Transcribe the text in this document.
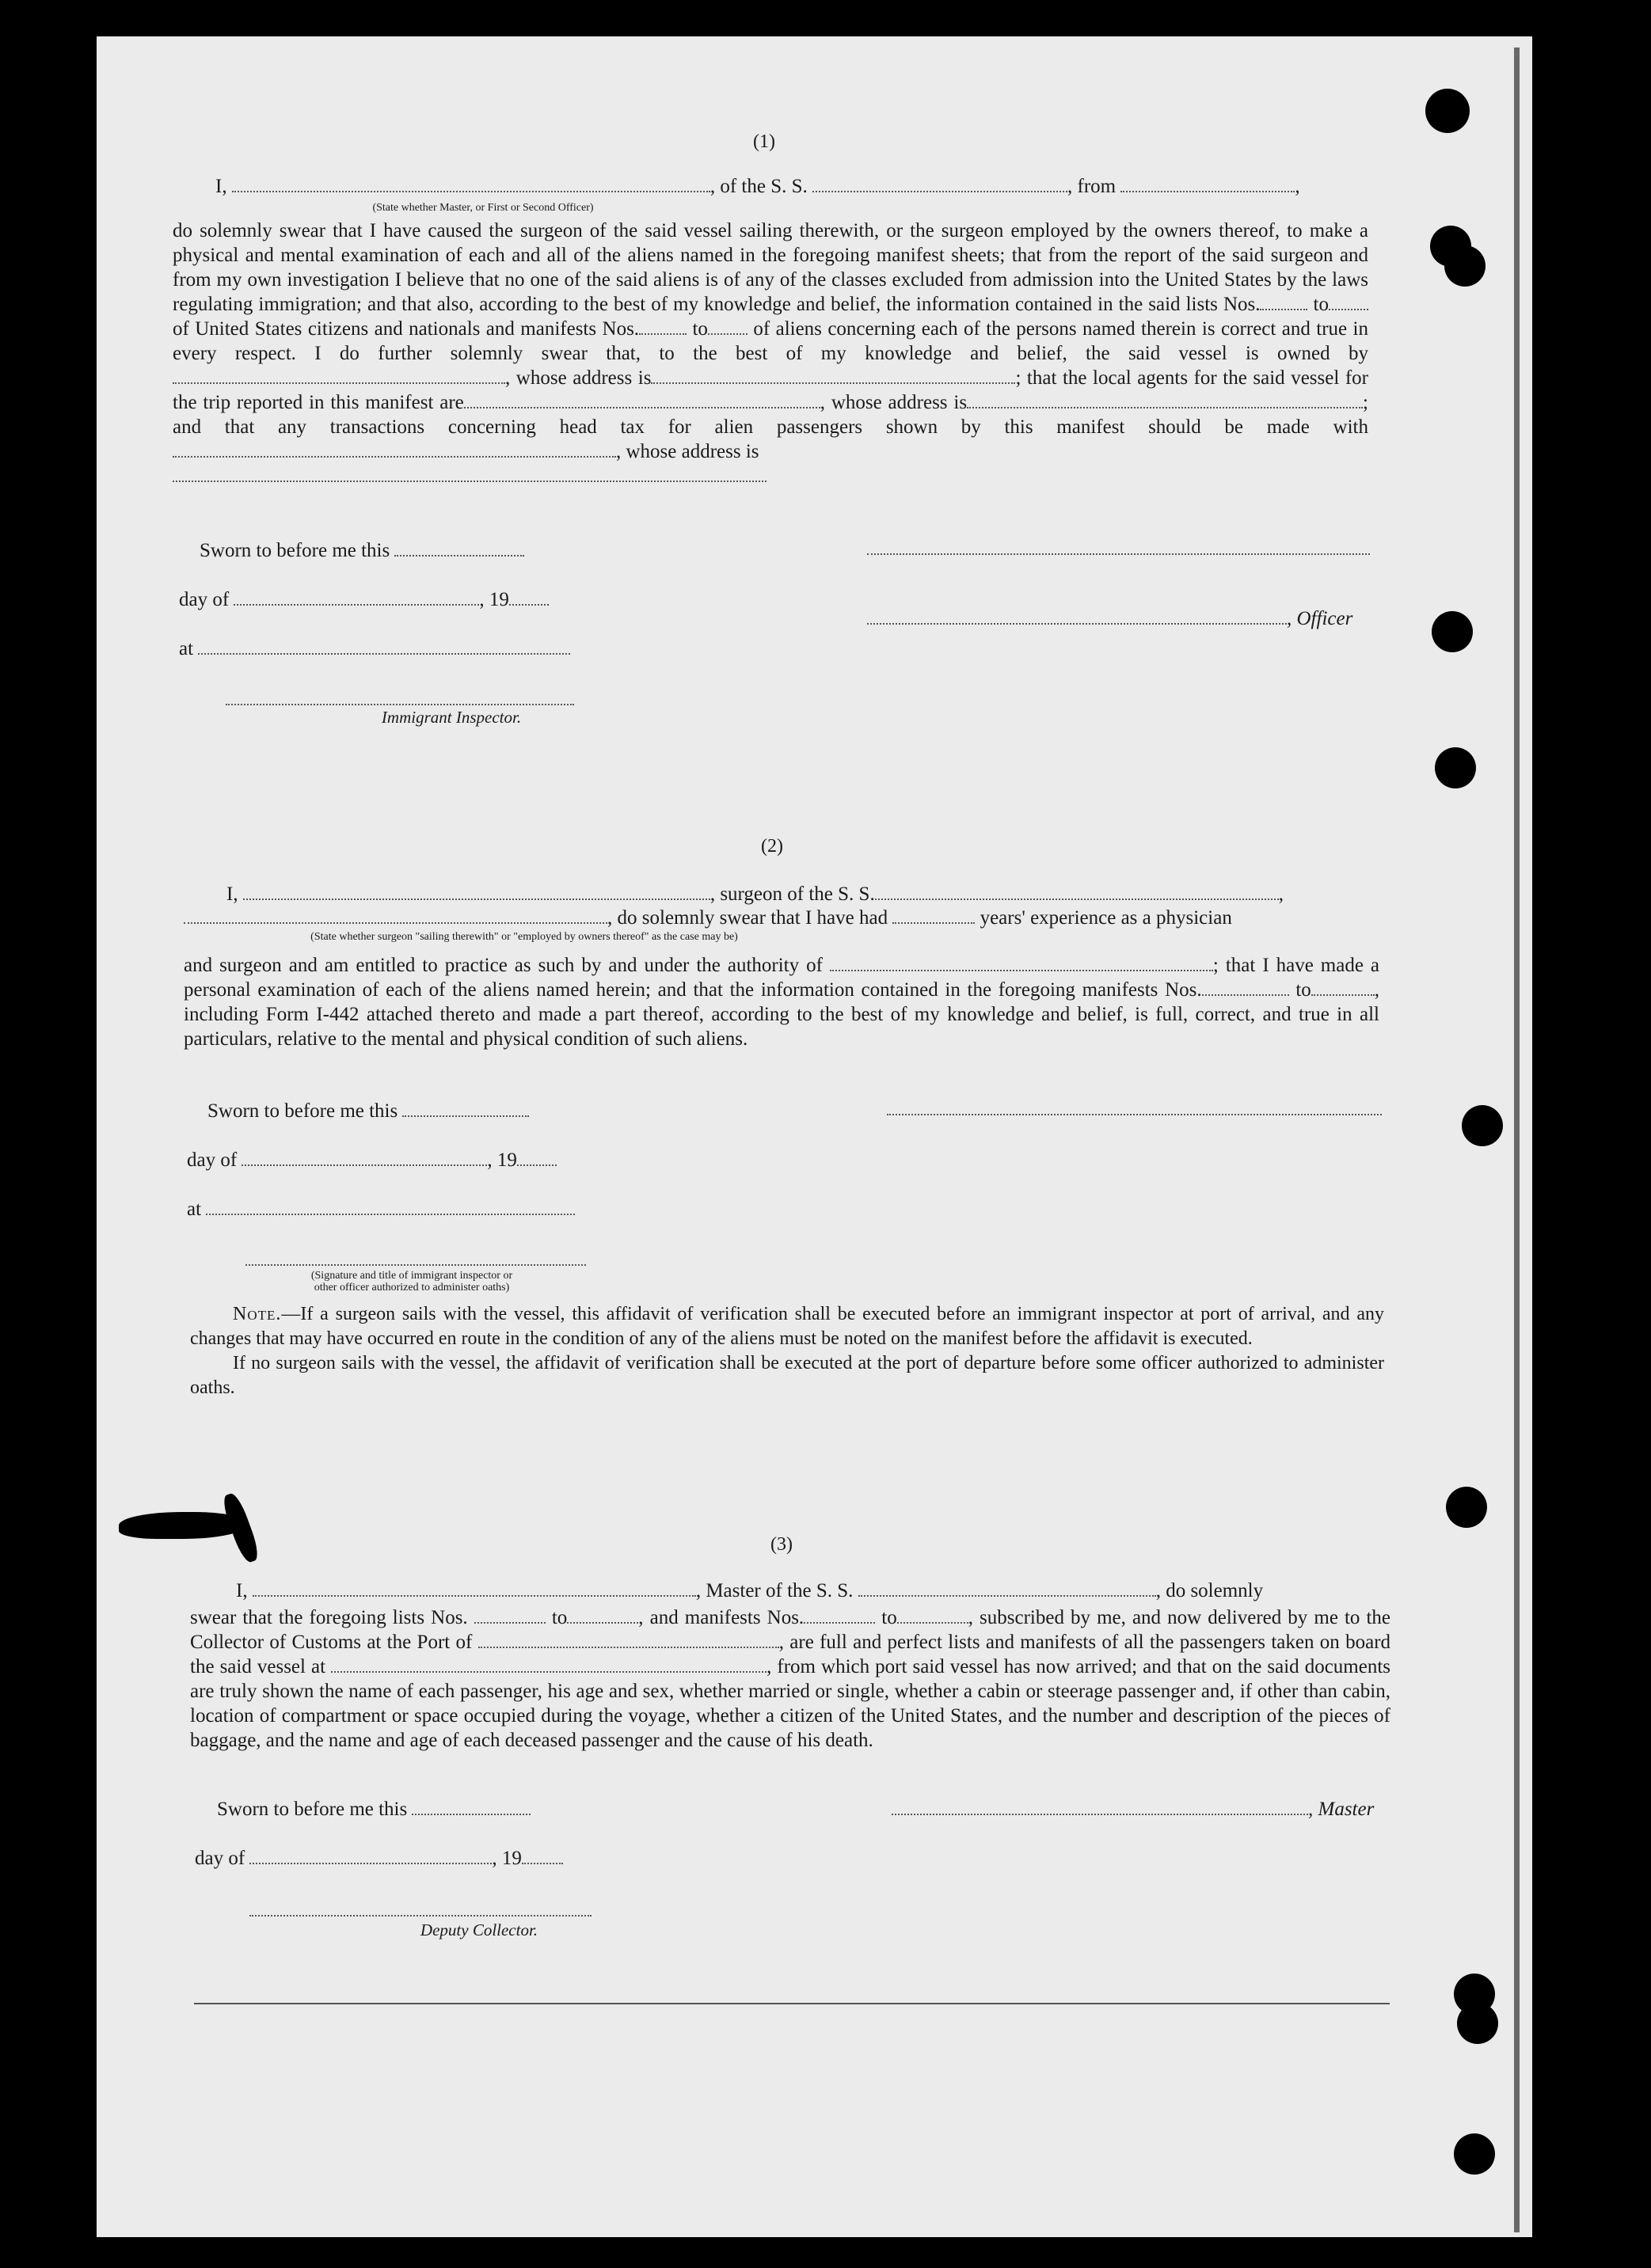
(1)
I,	, of the S. S.	, from	,
(State whether Master, or First or Second Officer)

do solemnly swear that I have caused the surgeon of the said vessel sailing therewith, or the surgeon employed by the owners thereof, to make a physical and mental examination of each and all of the aliens named in the foregoing manifest sheets; that from the report of the said surgeon and from my own investigation I believe that no one of the said aliens is of any of the classes excluded from admission into the United States by the laws regulating immigration; and that also, according to the best of my knowledge and belief, the information contained in the said lists Nos.	to of United States citizens and nationals and manifests Nos.	to of aliens concerning each of the persons named therein is correct and true in every respect. I do further solemnly swear that, to the best of my knowledge and belief, the said vessel is owned by, whose address is	; that the local agents for the said vessel for the trip reported in this manifest are	, whose address is	; and that any transactions concerning head tax for alien passengers shown by this manifest should be made with, whose address is

Sworn to before me this
day of	, 19
, Officer
at
Immigrant Inspector.
(2)
I,	, surgeon of the S. S.	,
, do solemnly swear that I have had	years' experience as a physician
(State whether surgeon "sailing therewith" or "employed by owners thereof" as the case may be)

and surgeon and am entitled to practice as such by and under the authority of	; that I have made a personal examination of each of the aliens named herein; and that the information contained in the foregoing manifests Nos.	to	, including Form I-442 attached thereto and made a part thereof, according to the best of my knowledge and belief, is full, correct, and true in all particulars, relative to the mental and physical condition of such aliens.

Sworn to before me this
day of	, 19
at
(Signature and title of immigrant inspector or
other officer authorized to administer oaths)

Note.—If a surgeon sails with the vessel, this affidavit of verification shall be executed before an immigrant inspector at port of arrival, and any changes that may have occurred en route in the condition of any of the aliens must be noted on the manifest before the affidavit is executed.

If no surgeon sails with the vessel, the affidavit of verification shall be executed at the port of departure before some officer authorized to administer oaths.

(3)
I,	, Master of the S. S.	, do solemnly

swear that the foregoing lists Nos.	to	, and manifests Nos.	to	, subscribed by me, and now delivered by me to the Collector of Customs at the Port of	, are full and perfect lists and manifests of all the passengers taken on board the said vessel at	, from which port said vessel has now arrived; and that on the said documents are truly shown the name of each passenger, his age and sex, whether married or single, whether a cabin or steerage passenger and, if other than cabin, location of compartment or space occupied during the voyage, whether a citizen of the United States, and the number and description of the pieces of baggage, and the name and age of each deceased passenger and the cause of his death.

Sworn to before me this	, Master
day of	, 19
Deputy Collector.
